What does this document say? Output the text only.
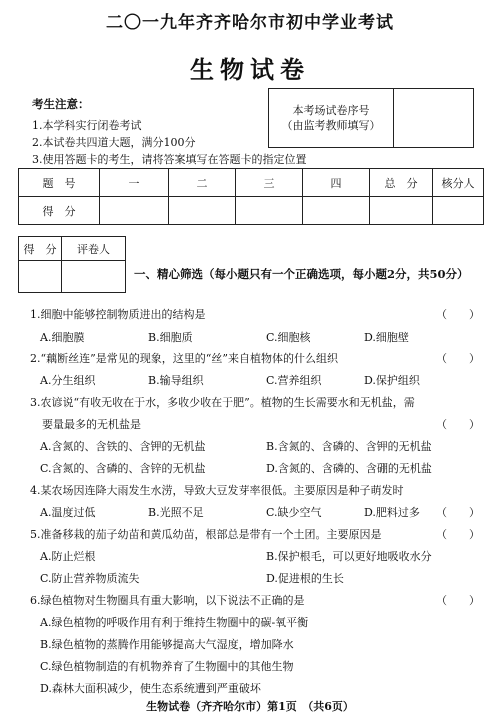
二〇一九年齐齐哈尔市初中学业考试
生物试卷
考生注意：
1.本学科实行闭卷考试
2.本试卷共四道大题，满分100分
3.使用答题卡的考生，请将答案填写在答题卡的指定位置
本考场试卷序号
（由监考教师填写）

题　号	一	二	三	四	总　分	核分人
得　分						
得　分	评卷人

一、精心筛选（每小题只有一个正确选项，每小题2分，共50分）
1.细胞中能够控制物质进出的结构是	（　　）
A.细胞膜	B.细胞质	C.细胞核	D.细胞壁
2.“藕断丝连”是常见的现象，这里的“丝”来自植物体的什么组织	（　　）
A.分生组织	B.输导组织	C.营养组织	D.保护组织
3.农谚说“有收无收在于水，多收少收在于肥”。植物的生长需要水和无机盐，需
要量最多的无机盐是	（　　）
A.含氮的、含铁的、含钾的无机盐	B.含氮的、含磷的、含钾的无机盐
C.含氮的、含磷的、含锌的无机盐	D.含氮的、含磷的、含硼的无机盐
4.某农场因连降大雨发生水涝，导致大豆发芽率很低。主要原因是种子萌发时
（　　）
A.温度过低	B.光照不足	C.缺少空气	D.肥料过多
5.准备移栽的茄子幼苗和黄瓜幼苗，根部总是带有一个土团。主要原因是	（　　）
A.防止烂根	B.保护根毛，可以更好地吸收水分
C.防止营养物质流失	D.促进根的生长
6.绿色植物对生物圈具有重大影响，以下说法不正确的是	（　　）
A.绿色植物的呼吸作用有利于维持生物圈中的碳-氧平衡
B.绿色植物的蒸腾作用能够提高大气湿度，增加降水
C.绿色植物制造的有机物养育了生物圈中的其他生物
D.森林大面积减少，使生态系统遭到严重破坏
生物试卷（齐齐哈尔市）第1页　（共6页）
